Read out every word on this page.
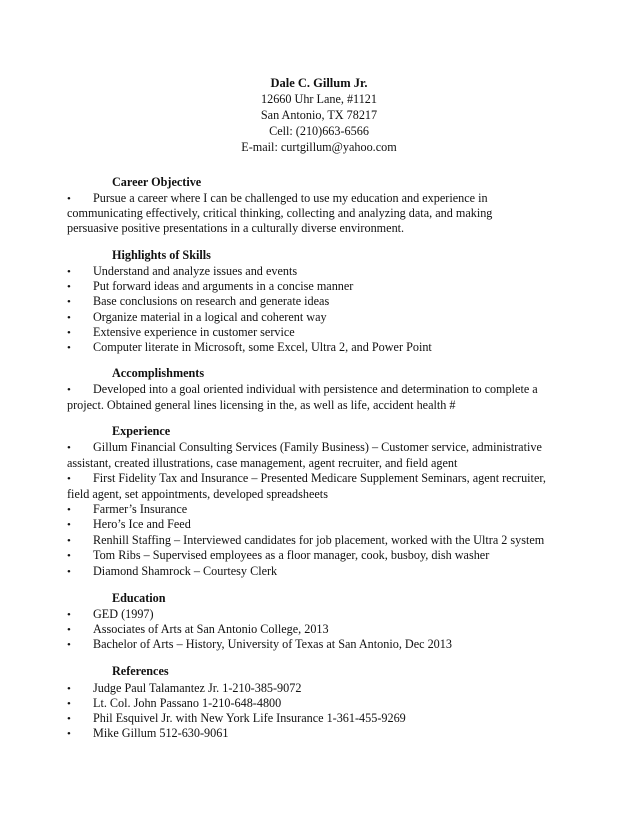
Dale C. Gillum Jr.
12660 Uhr Lane, #1121
San Antonio, TX 78217
Cell: (210)663-6566
E-mail: curtgillum@yahoo.com
Career Objective
•Pursue a career where I can be challenged to use my education and experience in
communicating effectively, critical thinking, collecting and analyzing data, and making
persuasive positive presentations in a culturally diverse environment.
Highlights of Skills
•Understand and analyze issues and events
•Put forward ideas and arguments in a concise manner
•Base conclusions on research and generate ideas
•Organize material in a logical and coherent way
•Extensive experience in customer service
•Computer literate in Microsoft, some Excel, Ultra 2, and Power Point
Accomplishments
•Developed into a goal oriented individual with persistence and determination to complete a
project. Obtained general lines licensing in the, as well as life, accident health #
Experience
•Gillum Financial Consulting Services (Family Business) – Customer service, administrative
assistant, created illustrations, case management, agent recruiter, and field agent
•First Fidelity Tax and Insurance – Presented Medicare Supplement Seminars, agent recruiter,
field agent, set appointments, developed spreadsheets
•Farmer’s Insurance
•Hero’s Ice and Feed
•Renhill Staffing – Interviewed candidates for job placement, worked with the Ultra 2 system
•Tom Ribs – Supervised employees as a floor manager, cook, busboy, dish washer
•Diamond Shamrock – Courtesy Clerk
Education
•GED (1997)
•Associates of Arts at San Antonio College, 2013
•Bachelor of Arts – History, University of Texas at San Antonio, Dec 2013
References
•Judge Paul Talamantez Jr. 1-210-385-9072
•Lt. Col. John Passano 1-210-648-4800
•Phil Esquivel Jr. with New York Life Insurance 1-361-455-9269
•Mike Gillum 512-630-9061
